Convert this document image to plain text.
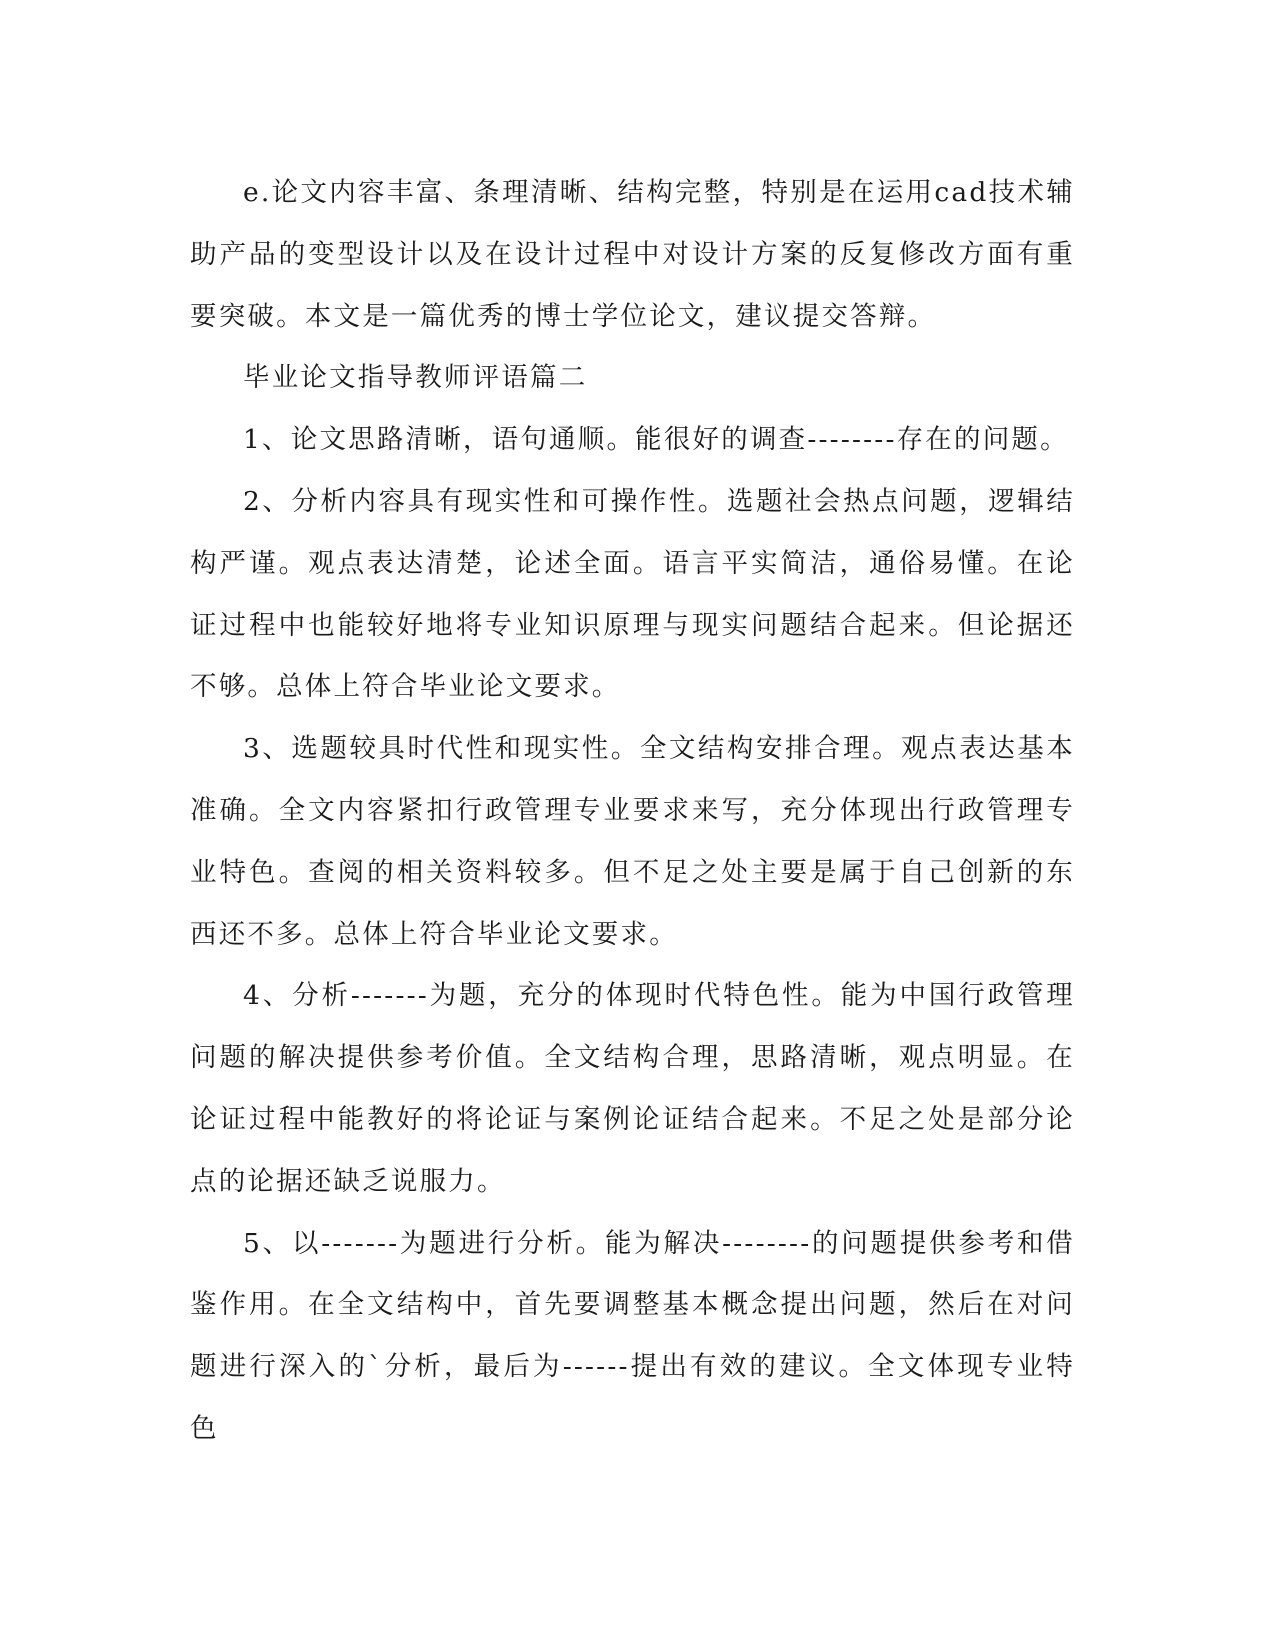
e.论文内容丰富、条理清晰、结构完整，特别是在运用cad技术辅助产品的变型设计以及在设计过程中对设计方案的反复修改方面有重要突破。本文是一篇优秀的博士学位论文，建议提交答辩。

毕业论文指导教师评语篇二

1、论文思路清晰，语句通顺。能很好的调查--------存在的问题。

2、分析内容具有现实性和可操作性。选题社会热点问题，逻辑结构严谨。观点表达清楚，论述全面。语言平实简洁，通俗易懂。在论证过程中也能较好地将专业知识原理与现实问题结合起来。但论据还不够。总体上符合毕业论文要求。

3、选题较具时代性和现实性。全文结构安排合理。观点表达基本准确。全文内容紧扣行政管理专业要求来写，充分体现出行政管理专业特色。查阅的相关资料较多。但不足之处主要是属于自己创新的东西还不多。总体上符合毕业论文要求。

4、分析-------为题，充分的体现时代特色性。能为中国行政管理问题的解决提供参考价值。全文结构合理，思路清晰，观点明显。在论证过程中能教好的将论证与案例论证结合起来。不足之处是部分论点的论据还缺乏说服力。

5、以-------为题进行分析。能为解决--------的问题提供参考和借鉴作用。在全文结构中，首先要调整基本概念提出问题，然后在对问题进行深入的`分析，最后为------提出有效的建议。全文体现专业特色
